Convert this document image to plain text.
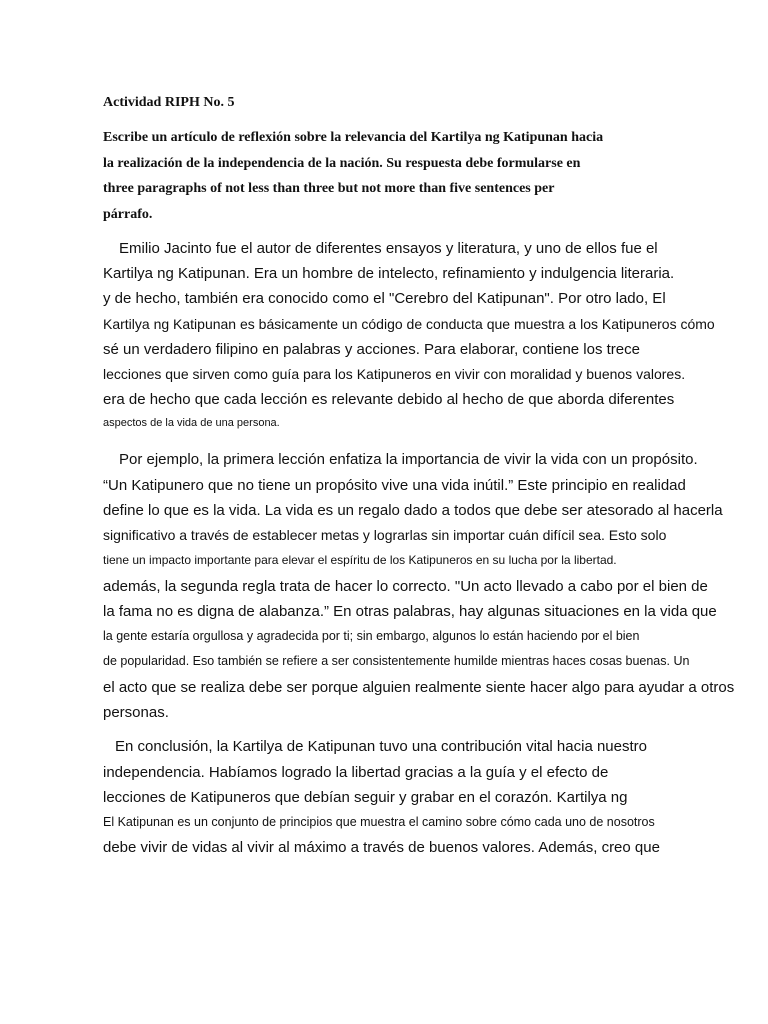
Actividad RIPH No. 5
Escribe un artículo de reflexión sobre la relevancia del Kartilya ng Katipunan hacia
la realización de la independencia de la nación. Su respuesta debe formularse en
three paragraphs of not less than three but not more than five sentences per
párrafo.
Emilio Jacinto fue el autor de diferentes ensayos y literatura, y uno de ellos fue el
Kartilya ng Katipunan. Era un hombre de intelecto, refinamiento y indulgencia literaria.
y de hecho, también era conocido como el "Cerebro del Katipunan". Por otro lado, El
Kartilya ng Katipunan es básicamente un código de conducta que muestra a los Katipuneros cómo
sé un verdadero filipino en palabras y acciones. Para elaborar, contiene los trece
lecciones que sirven como guía para los Katipuneros en vivir con moralidad y buenos valores.
era de hecho que cada lección es relevante debido al hecho de que aborda diferentes
aspectos de la vida de una persona.
Por ejemplo, la primera lección enfatiza la importancia de vivir la vida con un propósito.
“Un Katipunero que no tiene un propósito vive una vida inútil.” Este principio en realidad
define lo que es la vida. La vida es un regalo dado a todos que debe ser atesorado al hacerla
significativo a través de establecer metas y lograrlas sin importar cuán difícil sea. Esto solo
tiene un impacto importante para elevar el espíritu de los Katipuneros en su lucha por la libertad.
además, la segunda regla trata de hacer lo correcto. "Un acto llevado a cabo por el bien de
la fama no es digna de alabanza.” En otras palabras, hay algunas situaciones en la vida que
la gente estaría orgullosa y agradecida por ti; sin embargo, algunos lo están haciendo por el bien
de popularidad. Eso también se refiere a ser consistentemente humilde mientras haces cosas buenas. Un
el acto que se realiza debe ser porque alguien realmente siente hacer algo para ayudar a otros
personas.
En conclusión, la Kartilya de Katipunan tuvo una contribución vital hacia nuestro
independencia. Habíamos logrado la libertad gracias a la guía y el efecto de
lecciones de Katipuneros que debían seguir y grabar en el corazón. Kartilya ng
El Katipunan es un conjunto de principios que muestra el camino sobre cómo cada uno de nosotros
debe vivir de vidas al vivir al máximo a través de buenos valores. Además, creo que
